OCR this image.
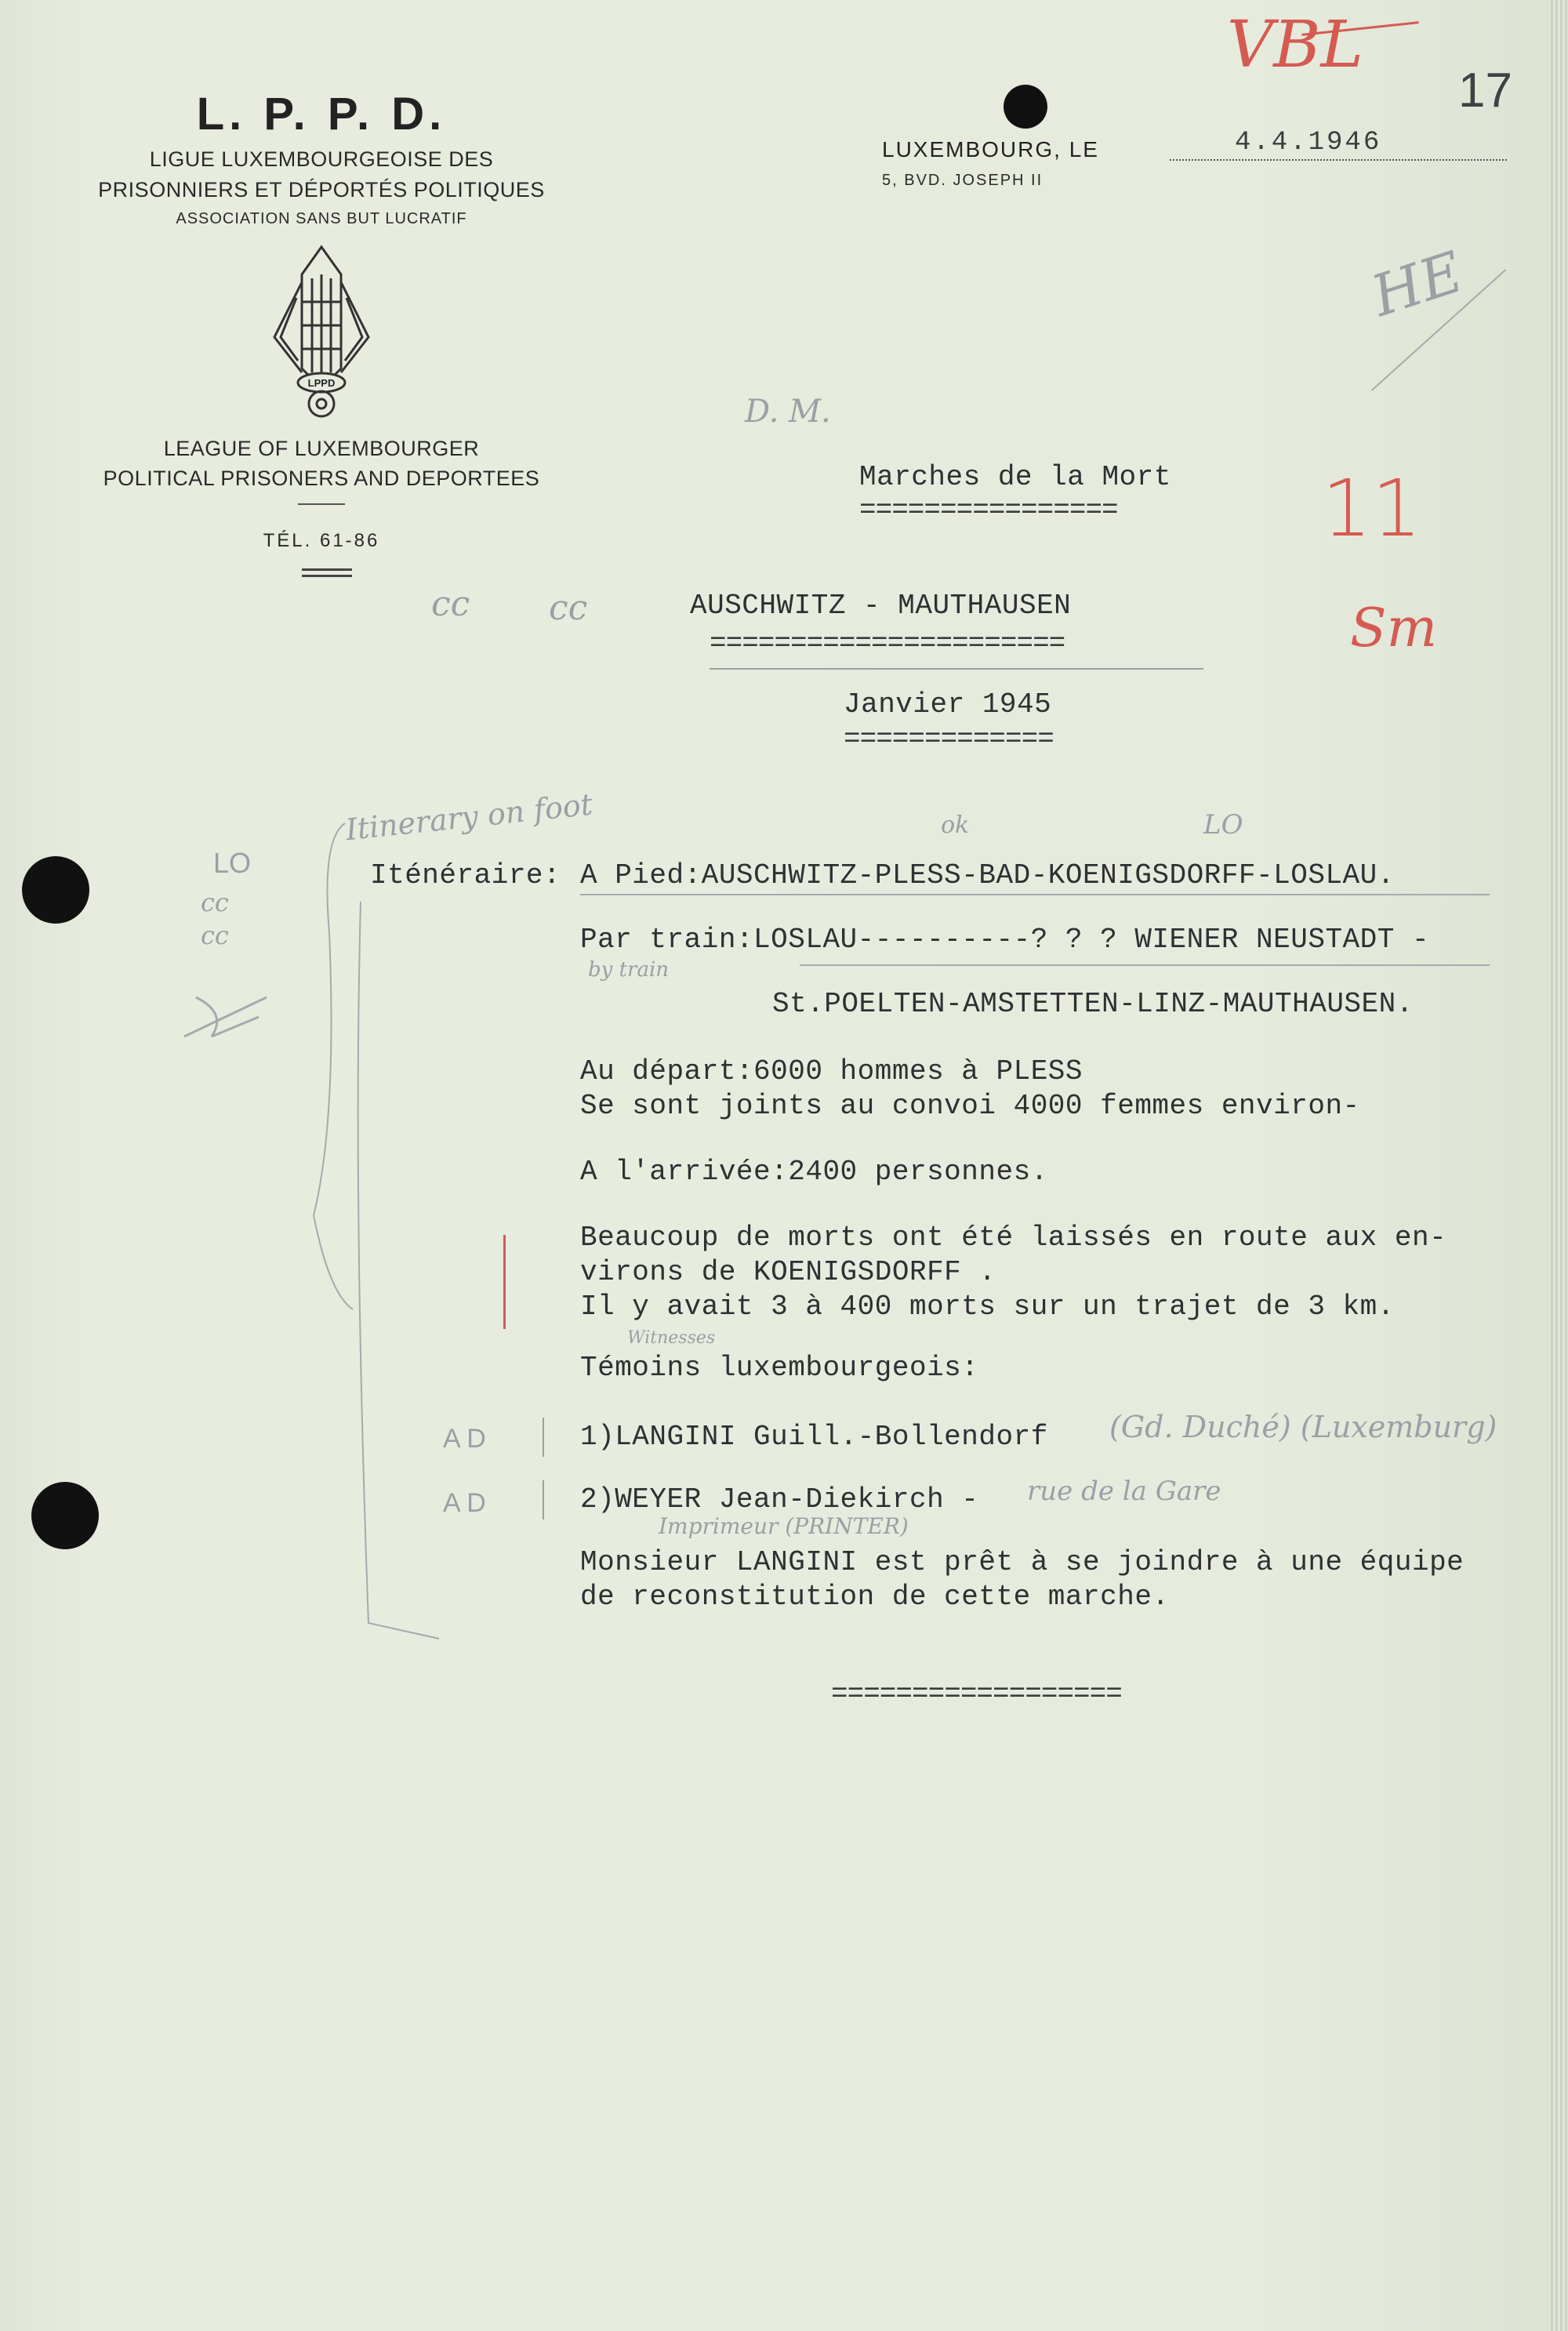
L. P. P. D.
LIGUE LUXEMBOURGEOISE DES
PRISONNIERS ET DÉPORTÉS POLITIQUES
ASSOCIATION SANS BUT LUCRATIF
LPPD
LEAGUE OF LUXEMBOURGER
POLITICAL PRISONERS AND DEPORTEES
TÉL. 61-86
LUXEMBOURG, LE	4.4.1946
5, BVD. JOSEPH II
VBL
17
HE
D. M.
11
Sm
Marches de la Mort
================
cc cc	AUSCHWITZ - MAUTHAUSEN
======================
Janvier 1945
=============
Itinerary on foot	ok	LO
LO
cc
cc
Iténéraire: A Pied:AUSCHWITZ-PLESS-BAD-KOENIGSDORFF-LOSLAU.
Par train:LOSLAU----------? ? ? WIENER NEUSTADT -
by train
St.POELTEN-AMSTETTEN-LINZ-MAUTHAUSEN.
Au départ:6000 hommes à PLESS
Se sont joints au convoi 4000 femmes environ-
A l'arrivée:2400 personnes.
Beaucoup de morts ont été laissés en route aux en-
virons de KOENIGSDORFF .
Il y avait 3 à 400 morts sur un trajet de 3 km.
Witnesses
Témoins luxembourgeois:
A D	1)LANGINI Guill.-Bollendorf (Gd. Duché) (Luxemburg)
A D	2)WEYER Jean-Diekirch - rue de la Gare
Imprimeur (PRINTER)
Monsieur LANGINI est prêt à se joindre à une équipe
de reconstitution de cette marche.
==================
